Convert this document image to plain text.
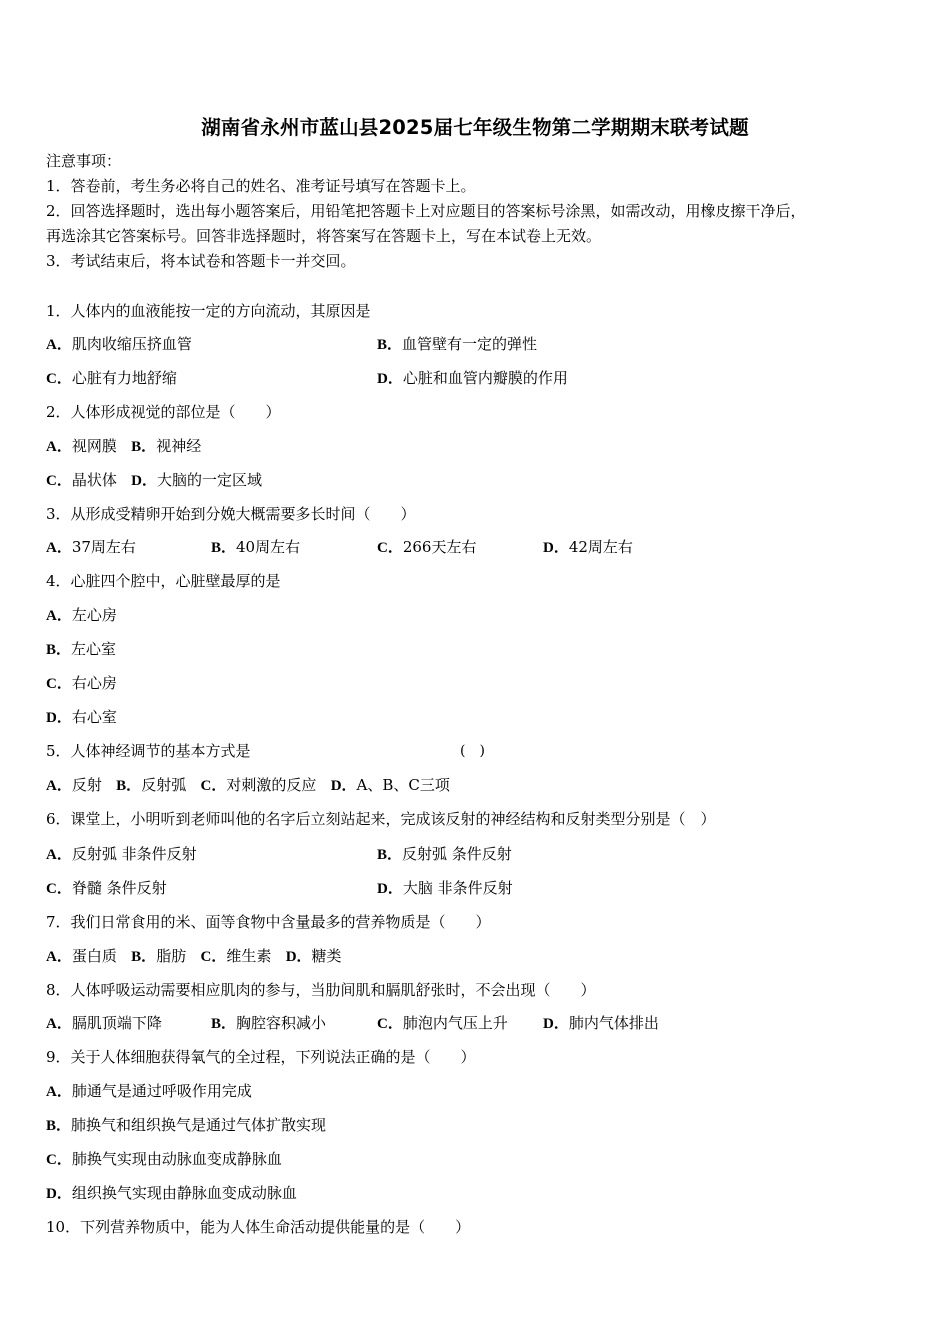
湖南省永州市蓝山县2025届七年级生物第二学期期末联考试题
注意事项：
1．答卷前，考生务必将自己的姓名、准考证号填写在答题卡上。
2．回答选择题时，选出每小题答案后，用铅笔把答题卡上对应题目的答案标号涂黑，如需改动，用橡皮擦干净后，
再选涂其它答案标号。回答非选择题时，将答案写在答题卡上，写在本试卷上无效。
3．考试结束后，将本试卷和答题卡一并交回。
1．人体内的血液能按一定的方向流动，其原因是
A．肌肉收缩压挤血管	B．血管壁有一定的弹性
C．心脏有力地舒缩	D．心脏和血管内瓣膜的作用
2．人体形成视觉的部位是（　　）
A．视网膜 B．视神经
C．晶状体 D．大脑的一定区域
3．从形成受精卵开始到分娩大概需要多长时间（　　）
A．37周左右	B．40周左右	C．266天左右	D．42周左右
4．心脏四个腔中，心脏壁最厚的是
A．左心房
B．左心室
C．右心房
D．右心室
5．人体神经调节的基本方式是	(　)
A．反射 B．反射弧 C．对刺激的反应 D．A、B、C三项
6．课堂上，小明听到老师叫他的名字后立刻站起来，完成该反射的神经结构和反射类型分别是（　）
A．反射弧 非条件反射	B．反射弧 条件反射
C．脊髓 条件反射	D．大脑 非条件反射
7．我们日常食用的米、面等食物中含量最多的营养物质是（　　）
A．蛋白质 B．脂肪 C．维生素 D．糖类
8．人体呼吸运动需要相应肌肉的参与，当肋间肌和膈肌舒张时，不会出现（　　）
A．膈肌顶端下降	B．胸腔容积减小	C．肺泡内气压上升 D．肺内气体排出
9．关于人体细胞获得氧气的全过程，下列说法正确的是（　　）
A．肺通气是通过呼吸作用完成
B．肺换气和组织换气是通过气体扩散实现
C．肺换气实现由动脉血变成静脉血
D．组织换气实现由静脉血变成动脉血
10．下列营养物质中，能为人体生命活动提供能量的是（　　）
